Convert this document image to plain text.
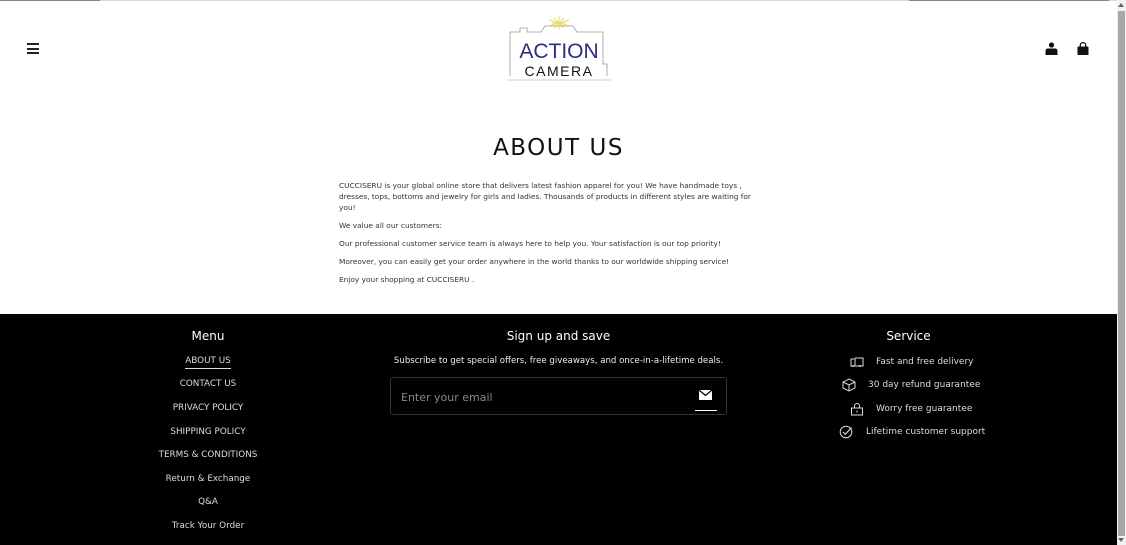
ACTION
CAMERA
ABOUT US

CUCCISERU is your global online store that delivers latest fashion apparel for you! We have handmade toys , dresses, tops, bottoms and jewelry for girls and ladies. Thousands of products in different styles are waiting for you!

We value all our customers:

Our professional customer service team is always here to help you. Your satisfaction is our top priority!

Moreover, you can easily get your order anywhere in the world thanks to our worldwide shipping service!

Enjoy your shopping at CUCCISERU .

Menu
ABOUT US
CONTACT US
PRIVACY POLICY
SHIPPING POLICY
TERMS & CONDITIONS
Return & Exchange
Q&A
Track Your Order
Sign up and save
Subscribe to get special offers, free giveaways, and once-in-a-lifetime deals.
Enter your email
Service
Fast and free delivery
30 day refund guarantee
Worry free guarantee
Lifetime customer support
